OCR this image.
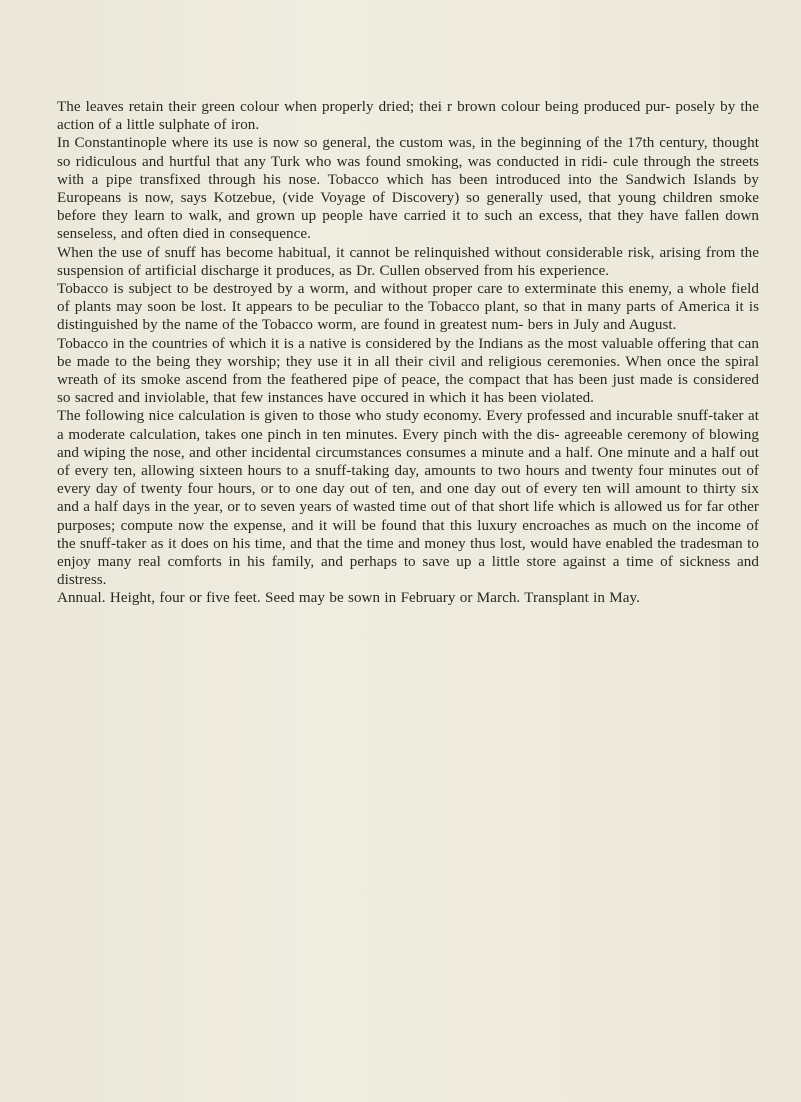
The leaves retain their green colour when properly dried; thei r brown colour being produced pur- posely by the action of a little sulphate of iron.

In Constantinople where its use is now so general, the custom was, in the beginning of the 17th century, thought so ridiculous and hurtful that any Turk who was found smoking, was conducted in ridi- cule through the streets with a pipe transfixed through his nose. Tobacco which has been introduced into the Sandwich Islands by Europeans is now, says Kotzebue, (vide Voyage of Discovery) so generally used, that young children smoke before they learn to walk, and grown up people have carried it to such an excess, that they have fallen down senseless, and often died in consequence.

When the use of snuff has become habitual, it cannot be relinquished without considerable risk, arising from the suspension of artificial discharge it produces, as Dr. Cullen observed from his experience.

Tobacco is subject to be destroyed by a worm, and without proper care to exterminate this enemy, a whole field of plants may soon be lost. It appears to be peculiar to the Tobacco plant, so that in many parts of America it is distinguished by the name of the Tobacco worm, are found in greatest num- bers in July and August.

Tobacco in the countries of which it is a native is considered by the Indians as the most valuable offering that can be made to the being they worship; they use it in all their civil and religious ceremonies. When once the spiral wreath of its smoke ascend from the feathered pipe of peace, the compact that has been just made is considered so sacred and inviolable, that few instances have occured in which it has been violated.

The following nice calculation is given to those who study economy. Every professed and incurable snuff-taker at a moderate calculation, takes one pinch in ten minutes. Every pinch with the dis- agreeable ceremony of blowing and wiping the nose, and other incidental circumstances consumes a minute and a half. One minute and a half out of every ten, allowing sixteen hours to a snuff-taking day, amounts to two hours and twenty four minutes out of every day of twenty four hours, or to one day out of ten, and one day out of every ten will amount to thirty six and a half days in the year, or to seven years of wasted time out of that short life which is allowed us for far other purposes; compute now the expense, and it will be found that this luxury encroaches as much on the income of the snuff-taker as it does on his time, and that the time and money thus lost, would have enabled the tradesman to enjoy many real comforts in his family, and perhaps to save up a little store against a time of sickness and distress.

Annual. Height, four or five feet. Seed may be sown in February or March. Transplant in May.
